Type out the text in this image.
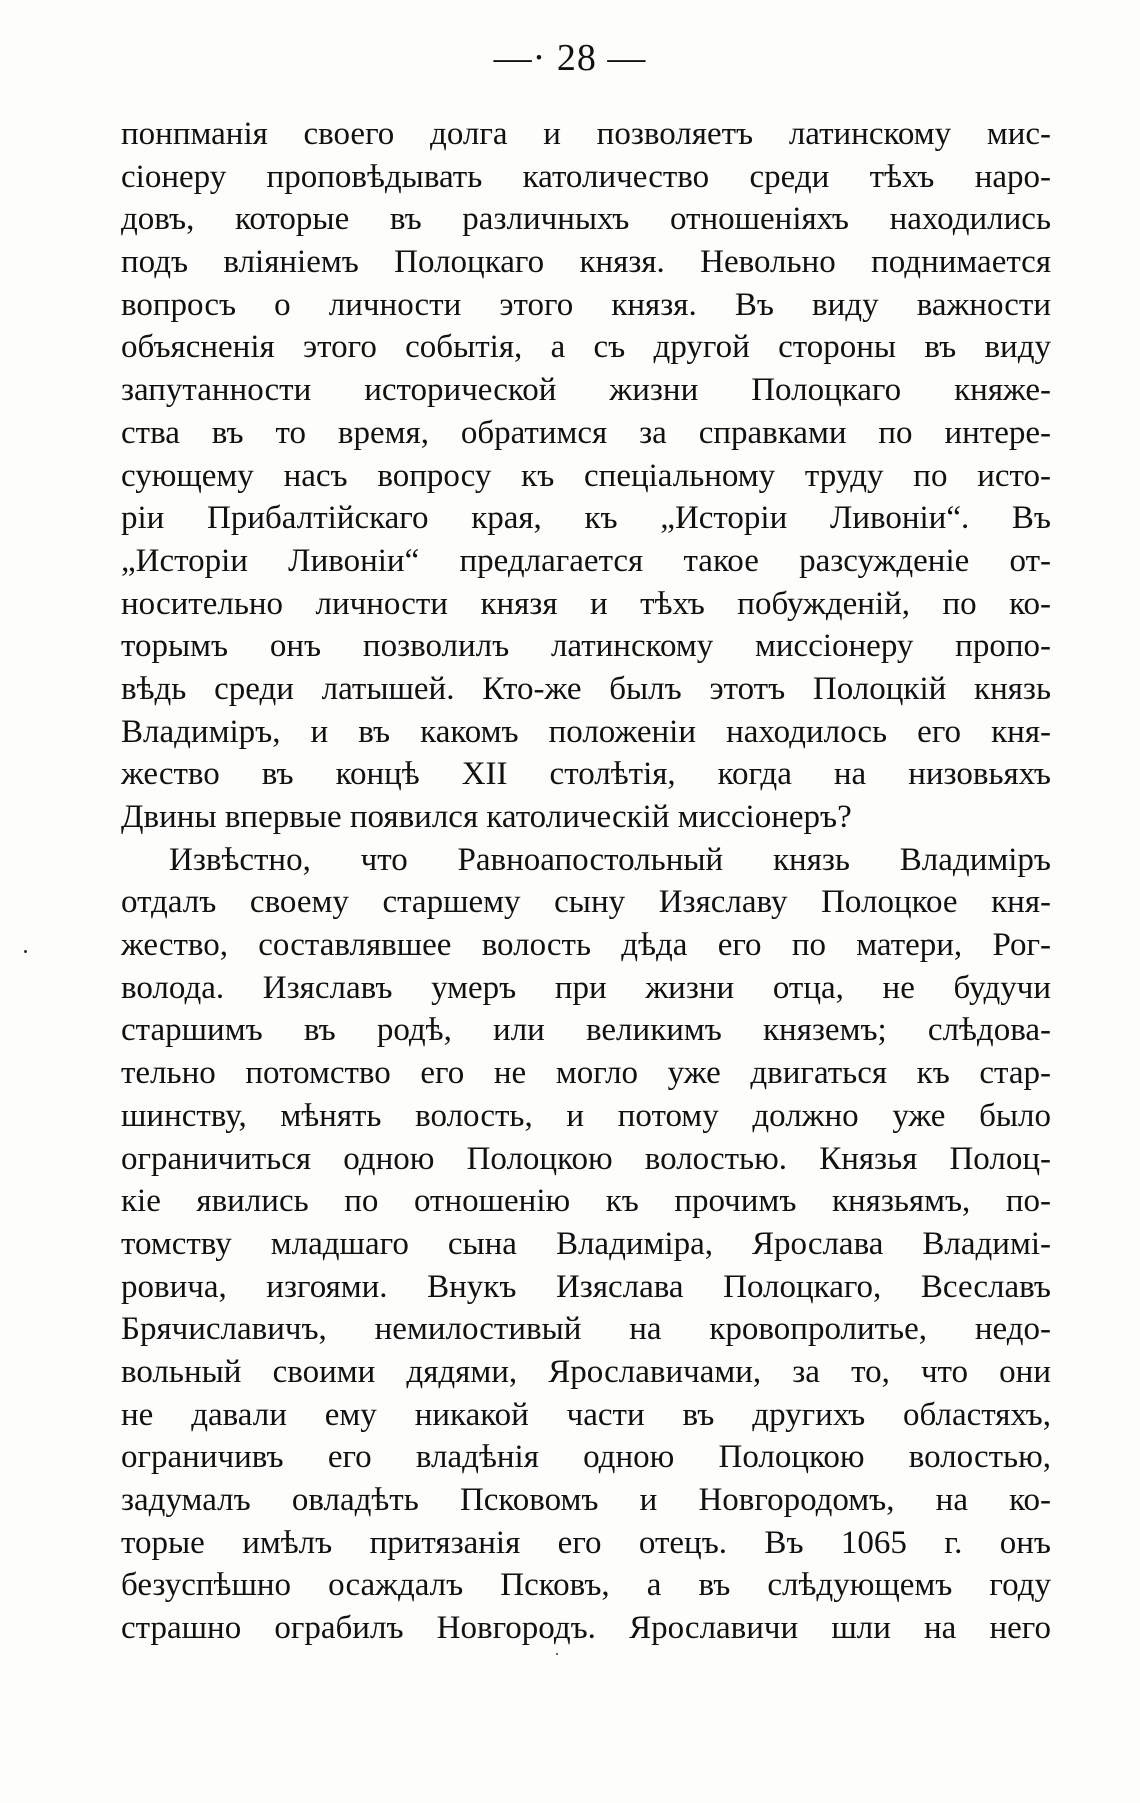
—· 28 —
понпманія своего долга и позволяетъ латинскому мис-
сіонеру проповѣдывать католичество среди тѣхъ наро-
довъ, которые въ различныхъ отношеніяхъ находились
подъ вліяніемъ Полоцкаго князя. Невольно поднимается
вопросъ о личности этого князя. Въ виду важности
объясненія этого событія, а съ другой стороны въ виду
запутанности исторической жизни Полоцкаго княже-
ства въ то время, обратимся за справками по интере-
сующему насъ вопросу къ спеціальному труду по исто-
ріи Прибалтійскаго края, къ „Исторіи Ливоніи“. Въ
„Исторіи Ливоніи“ предлагается такое разсужденіе от-
носительно личности князя и тѣхъ побужденій, по ко-
торымъ онъ позволилъ латинскому миссіонеру пропо-
вѣдь среди латышей. Кто-же былъ этотъ Полоцкій князь
Владиміръ, и въ какомъ положеніи находилось его кня-
жество въ концѣ XII столѣтія, когда на низовьяхъ
Двины впервые появился католическій миссіонеръ?
Извѣстно, что Равноапостольный князь Владиміръ
отдалъ своему старшему сыну Изяславу Полоцкое кня-
жество, составлявшее волость дѣда его по матери, Рог-
волода. Изяславъ умеръ при жизни отца, не будучи
старшимъ въ родѣ, или великимъ княземъ; слѣдова-
тельно потомство его не могло уже двигаться къ стар-
шинству, мѣнять волость, и потому должно уже было
ограничиться одною Полоцкою волостью. Князья Полоц-
кіе явились по отношенію къ прочимъ князьямъ, по-
томству младшаго сына Владиміра, Ярослава Владимі-
ровича, изгоями. Внукъ Изяслава Полоцкаго, Всеславъ
Брячиславичъ, немилостивый на кровопролитье, недо-
вольный своими дядями, Ярославичами, за то, что они
не давали ему никакой части въ другихъ областяхъ,
ограничивъ его владѣнія одною Полоцкою волостью,
задумалъ овладѣть Псковомъ и Новгородомъ, на ко-
торые имѣлъ притязанія его отецъ. Въ 1065 г. онъ
безуспѣшно осаждалъ Псковъ, а въ слѣдующемъ году
страшно ограбилъ Новгородъ. Ярославичи шли на него
